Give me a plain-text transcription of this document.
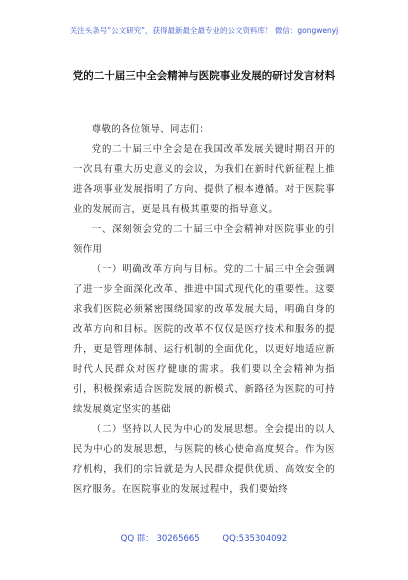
关注头条号“公文研究”，获得最新最全最专业的公文资料库！ 微信：gongwenyj
党的二十届三中全会精神与医院事业发展的研讨发言材料

尊敬的各位领导、同志们：

党的二十届三中全会是在我国改革发展关键时期召开的一次具有重大历史意义的会议，为我们在新时代新征程上推进各项事业发展指明了方向、提供了根本遵循。对于医院事业的发展而言，更是具有极其重要的指导意义。

一、深刻领会党的二十届三中全会精神对医院事业的引领作用

（一）明确改革方向与目标。党的二十届三中全会强调了进一步全面深化改革、推进中国式现代化的重要性。这要求我们医院必须紧密围绕国家的改革发展大局，明确自身的改革方向和目标。医院的改革不仅仅是医疗技术和服务的提升，更是管理体制、运行机制的全面优化，以更好地适应新时代人民群众对医疗健康的需求。我们要以全会精神为指引，积极探索适合医院发展的新模式、新路径为医院的可持续发展奠定坚实的基础

（二）坚持以人民为中心的发展思想。全会提出的以人民为中心的发展思想，与医院的核心使命高度契合。作为医疗机构，我们的宗旨就是为人民群众提供优质、高效安全的医疗服务。在医院事业的发展过程中，我们要始终

QQ 群： 30265665	QQ:535304092
